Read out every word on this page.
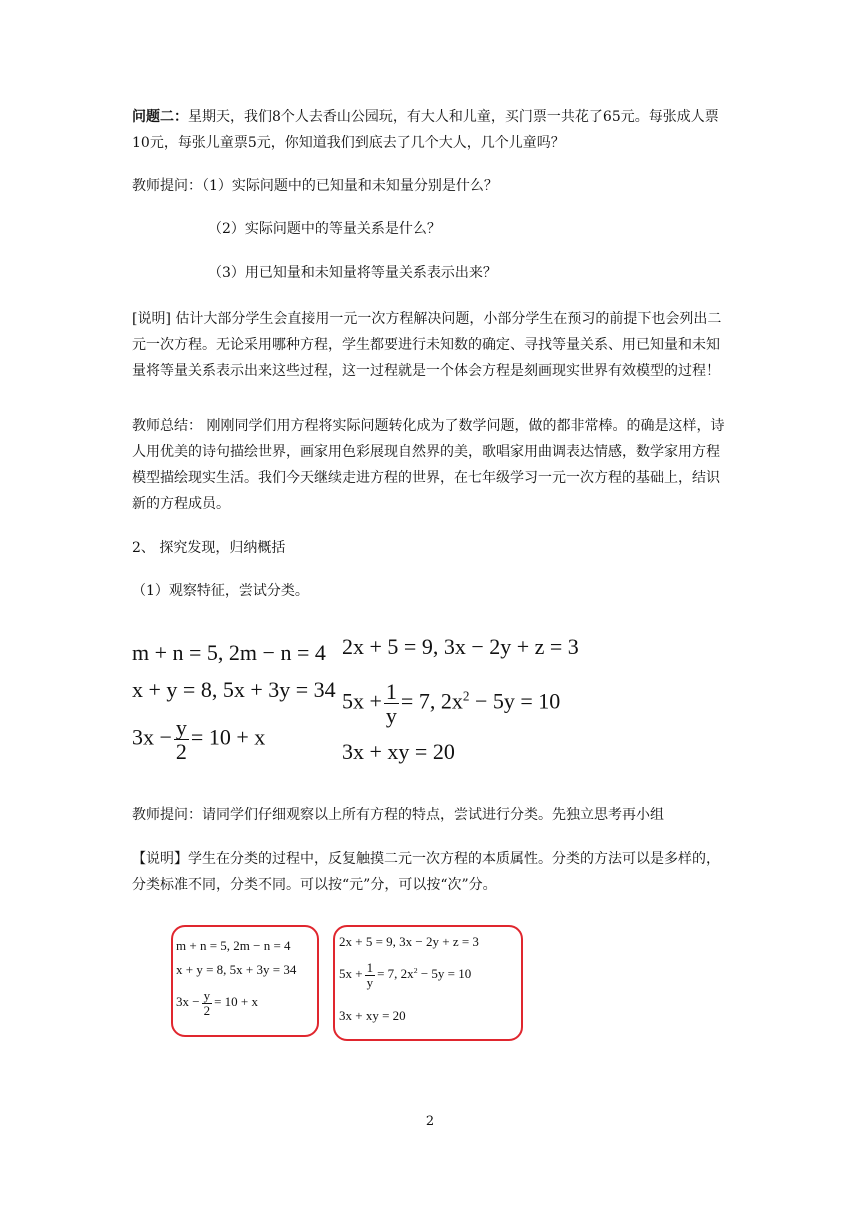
问题二：星期天，我们8个人去香山公园玩，有大人和儿童，买门票一共花了65元。每张成人票10元，每张儿童票5元，你知道我们到底去了几个大人，几个儿童吗？

教师提问：（1）实际问题中的已知量和未知量分别是什么？

（2）实际问题中的等量关系是什么？

（3）用已知量和未知量将等量关系表示出来？

[说明] 估计大部分学生会直接用一元一次方程解决问题，小部分学生在预习的前提下也会列出二元一次方程。无论采用哪种方程，学生都要进行未知数的确定、寻找等量关系、用已知量和未知量将等量关系表示出来这些过程，这一过程就是一个体会方程是刻画现实世界有效模型的过程！

教师总结： 刚刚同学们用方程将实际问题转化成为了数学问题，做的都非常棒。的确是这样，诗人用优美的诗句描绘世界，画家用色彩展现自然界的美，歌唱家用曲调表达情感，数学家用方程模型描绘现实生活。我们今天继续走进方程的世界，在七年级学习一元一次方程的基础上，结识新的方程成员。

2、 探究发现，归纳概括

（1）观察特征，尝试分类。

m + n = 5, 2m − n = 4
x + y = 8, 5x + 3y = 34
$3x - \frac{y}{2} = 10 + x$
2x + 5 = 9, 3x − 2y + z = 3
$5x + \frac{1}{y} = 7$, $2x^2 - 5y = 10$
3x + xy = 20

教师提问：请同学们仔细观察以上所有方程的特点，尝试进行分类。先独立思考再小组

【说明】学生在分类的过程中，反复触摸二元一次方程的本质属性。分类的方法可以是多样的，分类标准不同，分类不同。可以按“元”分，可以按“次”分。

m + n = 5, 2m − n = 4
x + y = 8, 5x + 3y = 34
$3x - \frac{y}{2} = 10 + x$
2x + 5 = 9, 3x − 2y + z = 3
$5x + \frac{1}{y} = 7$, $2x^2 - 5y = 10$
3x + xy = 20
2
